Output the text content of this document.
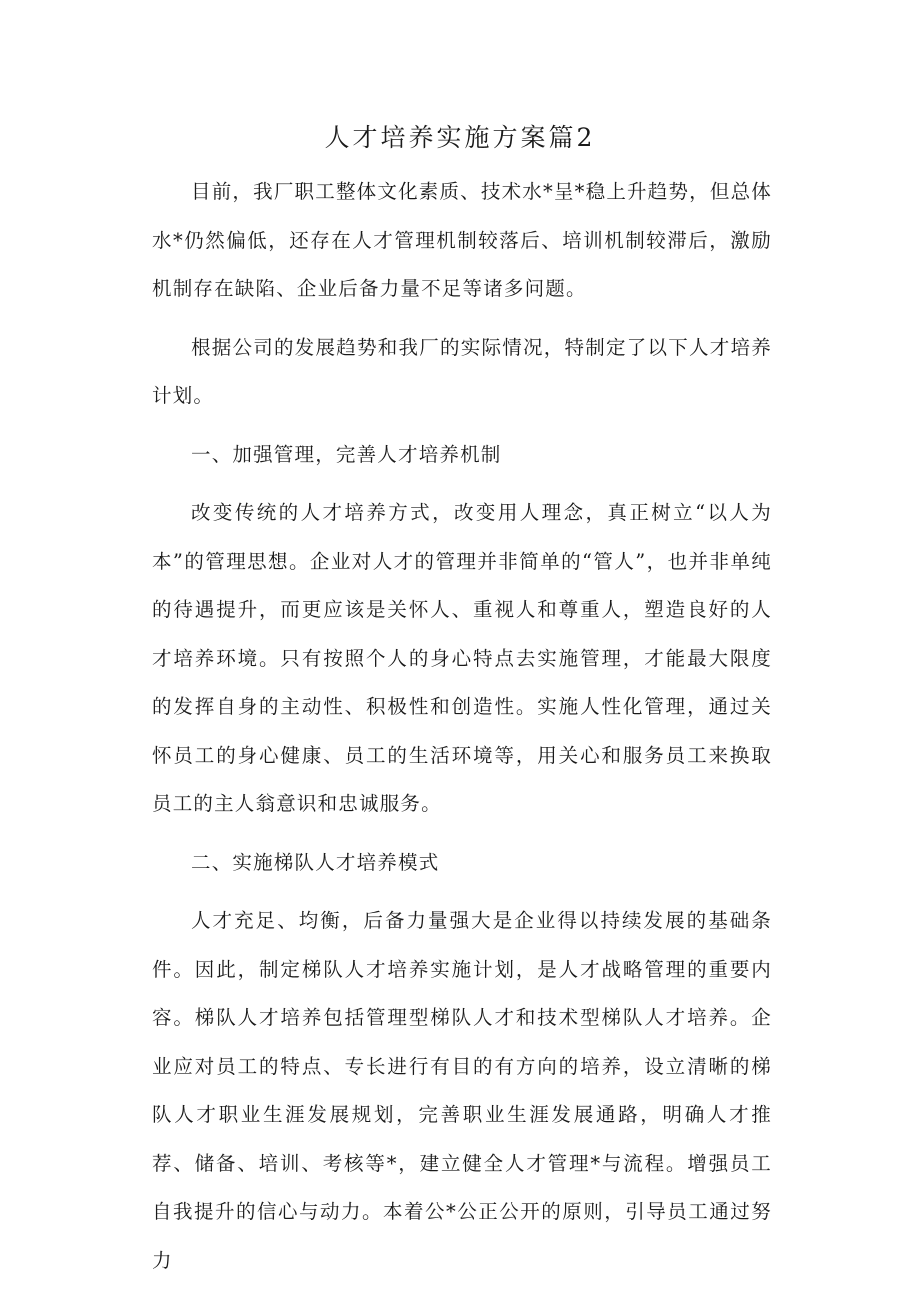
人才培养实施方案篇2

目前，我厂职工整体文化素质、技术水*呈*稳上升趋势，但总体水*仍然偏低，还存在人才管理机制较落后、培训机制较滞后，激励机制存在缺陷、企业后备力量不足等诸多问题。

根据公司的发展趋势和我厂的实际情况，特制定了以下人才培养计划。

一、加强管理，完善人才培养机制

改变传统的人才培养方式，改变用人理念，真正树立“以人为本”的管理思想。企业对人才的管理并非简单的“管人”，也并非单纯的待遇提升，而更应该是关怀人、重视人和尊重人，塑造良好的人才培养环境。只有按照个人的身心特点去实施管理，才能最大限度的发挥自身的主动性、积极性和创造性。实施人性化管理，通过关怀员工的身心健康、员工的生活环境等，用关心和服务员工来换取员工的主人翁意识和忠诚服务。

二、实施梯队人才培养模式

人才充足、均衡，后备力量强大是企业得以持续发展的基础条件。因此，制定梯队人才培养实施计划，是人才战略管理的重要内容。梯队人才培养包括管理型梯队人才和技术型梯队人才培养。企业应对员工的特点、专长进行有目的有方向的培养，设立清晰的梯队人才职业生涯发展规划，完善职业生涯发展通路，明确人才推荐、储备、培训、考核等*，建立健全人才管理*与流程。增强员工自我提升的信心与动力。本着公*公正公开的原则，引导员工通过努力
